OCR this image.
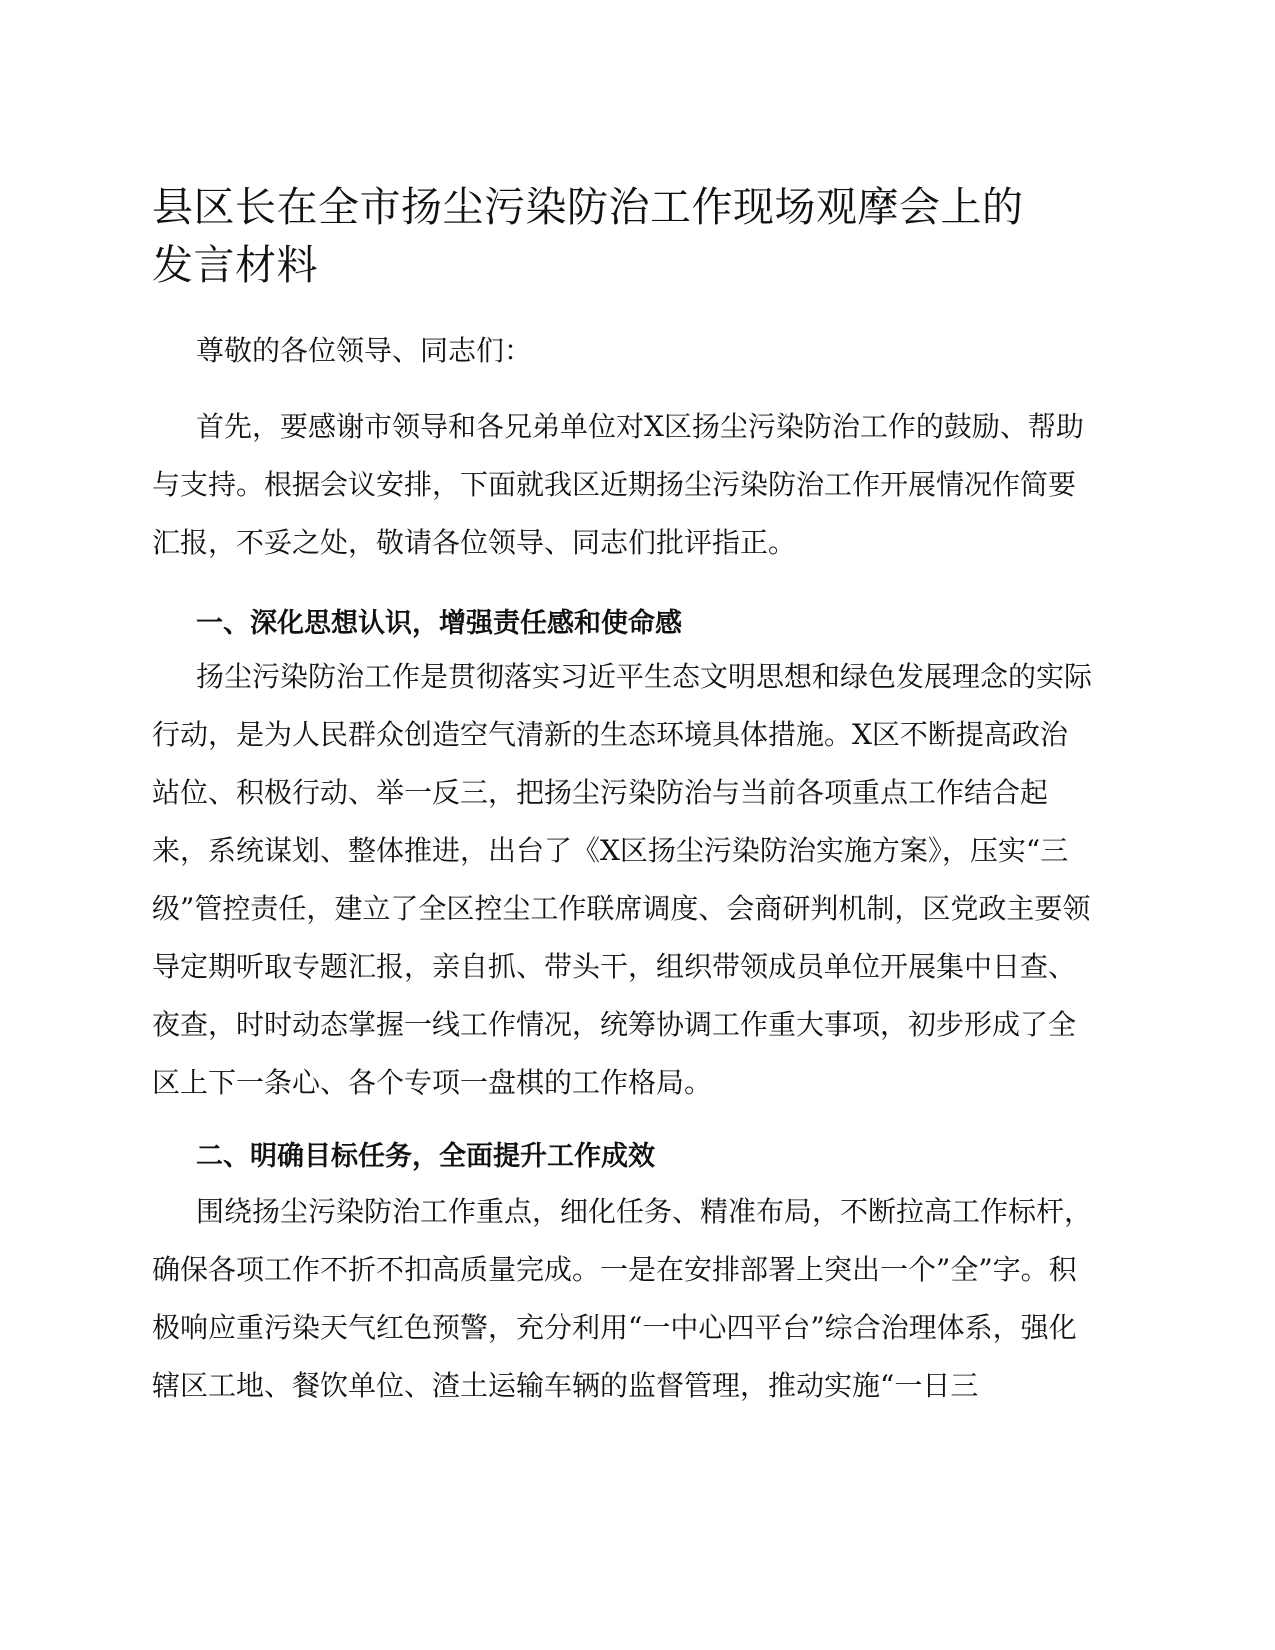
县区长在全市扬尘污染防治工作现场观摩会上的发言材料

尊敬的各位领导、同志们：

首先，要感谢市领导和各兄弟单位对X区扬尘污染防治工作的鼓励、帮助与支持。根据会议安排，下面就我区近期扬尘污染防治工作开展情况作简要汇报，不妥之处，敬请各位领导、同志们批评指正。

一、深化思想认识，增强责任感和使命感

扬尘污染防治工作是贯彻落实习近平生态文明思想和绿色发展理念的实际行动，是为人民群众创造空气清新的生态环境具体措施。X区不断提高政治站位、积极行动、举一反三，把扬尘污染防治与当前各项重点工作结合起来，系统谋划、整体推进，出台了《X区扬尘污染防治实施方案》，压实“三级”管控责任，建立了全区控尘工作联席调度、会商研判机制，区党政主要领导定期听取专题汇报，亲自抓、带头干，组织带领成员单位开展集中日查、夜查，时时动态掌握一线工作情况，统筹协调工作重大事项，初步形成了全区上下一条心、各个专项一盘棋的工作格局。

二、明确目标任务，全面提升工作成效

围绕扬尘污染防治工作重点，细化任务、精准布局，不断拉高工作标杆，确保各项工作不折不扣高质量完成。一是在安排部署上突出一个”全”字。积极响应重污染天气红色预警，充分利用“一中心四平台”综合治理体系，强化辖区工地、餐饮单位、渣土运输车辆的监督管理，推动实施“一日三
